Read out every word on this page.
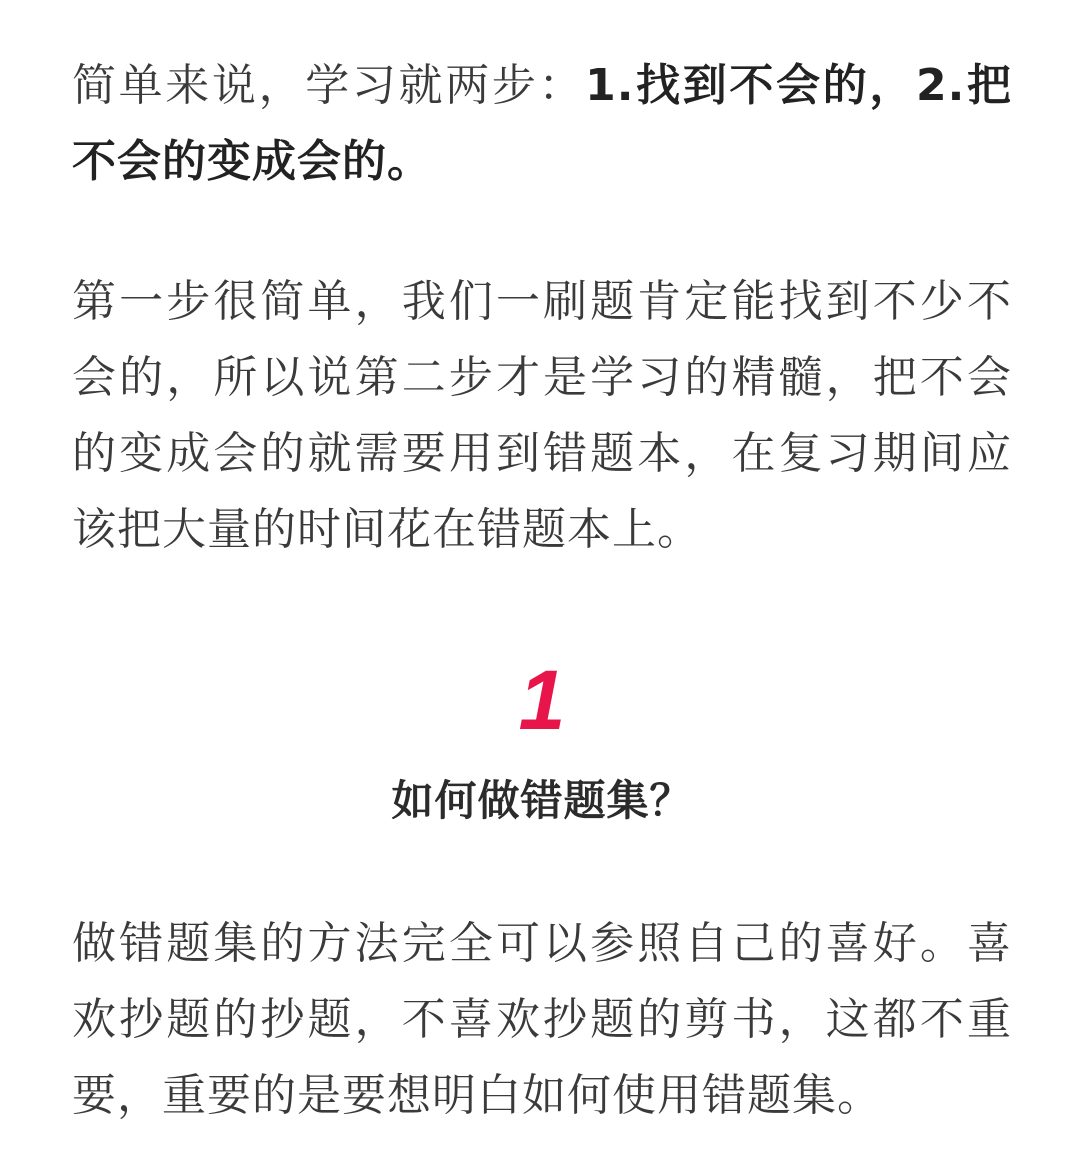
简单来说，学习就两步：1.找到不会的，2.把不会的变成会的。

第一步很简单，我们一刷题肯定能找到不少不会的，所以说第二步才是学习的精髓，把不会的变成会的就需要用到错题本，在复习期间应该把大量的时间花在错题本上。

1
如何做错题集？

做错题集的方法完全可以参照自己的喜好。喜欢抄题的抄题，不喜欢抄题的剪书，这都不重要，重要的是要想明白如何使用错题集。
